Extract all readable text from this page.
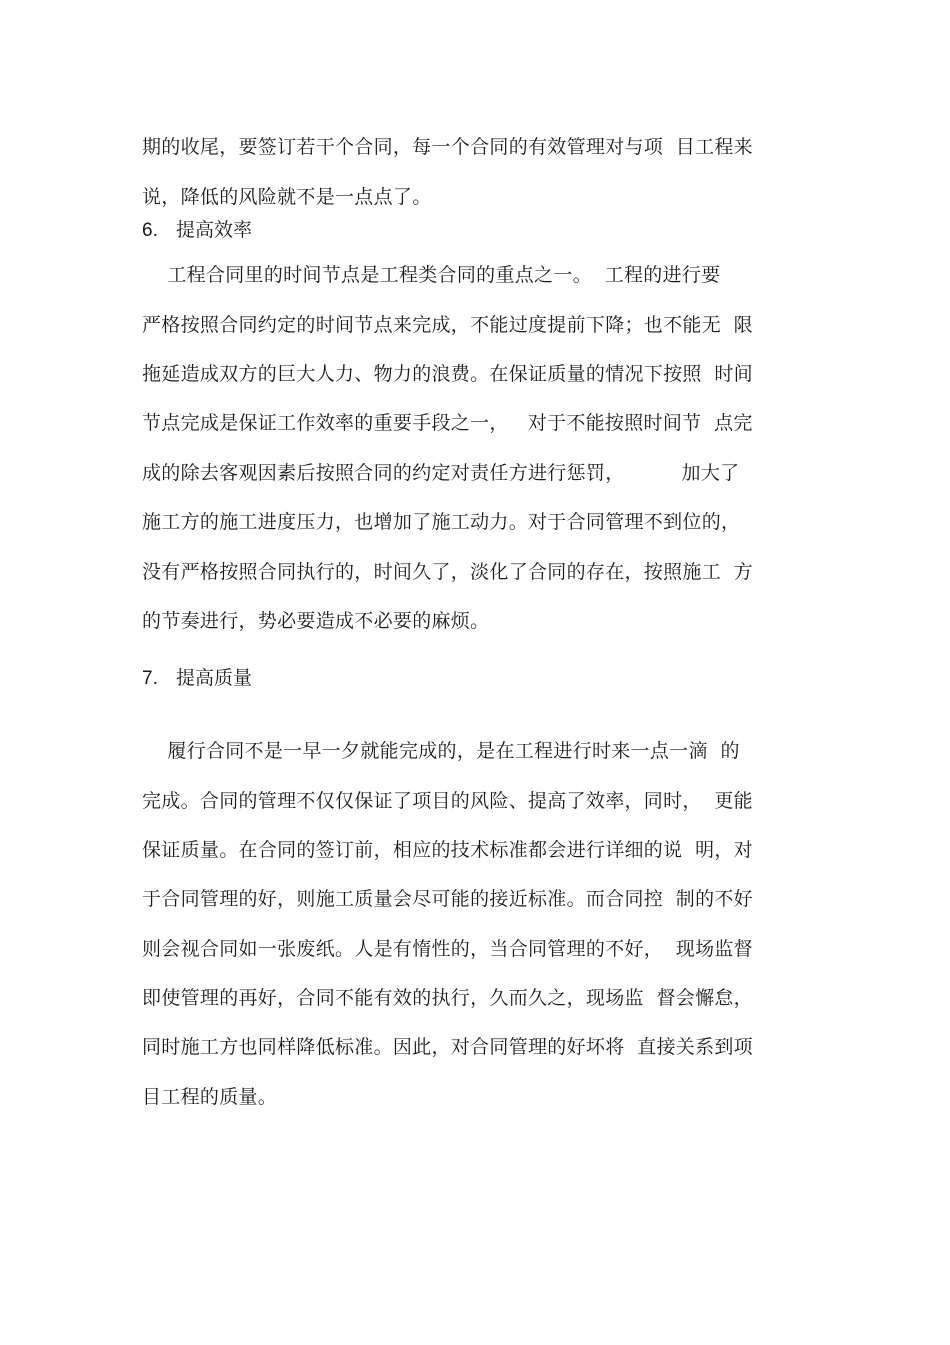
期的收尾，要签订若干个合同，每一个合同的有效管理对与项  目工程来
说，降低的风险就不是一点点了。
6. 提高效率
工程合同里的时间节点是工程类合同的重点之一。  工程的进行要
严格按照合同约定的时间节点来完成，不能过度提前下降；也不能无  限
拖延造成双方的巨大人力、物力的浪费。在保证质量的情况下按照  时间
节点完成是保证工作效率的重要手段之一，   对于不能按照时间节  点完
成的除去客观因素后按照合同的约定对责任方进行惩罚，         加大了
施工方的施工进度压力，也增加了施工动力。对于合同管理不到位的，
没有严格按照合同执行的，时间久了，淡化了合同的存在，按照施工  方
的节奏进行，势必要造成不必要的麻烦。
7. 提高质量
履行合同不是一早一夕就能完成的，是在工程进行时来一点一滴  的
完成。合同的管理不仅仅保证了项目的风险、提高了效率，同时，  更能
保证质量。在合同的签订前，相应的技术标准都会进行详细的说  明，对
于合同管理的好，则施工质量会尽可能的接近标准。而合同控  制的不好
则会视合同如一张废纸。人是有惰性的，当合同管理的不好，  现场监督
即使管理的再好，合同不能有效的执行，久而久之，现场监  督会懈怠，
同时施工方也同样降低标准。因此，对合同管理的好坏将  直接关系到项
目工程的质量。
